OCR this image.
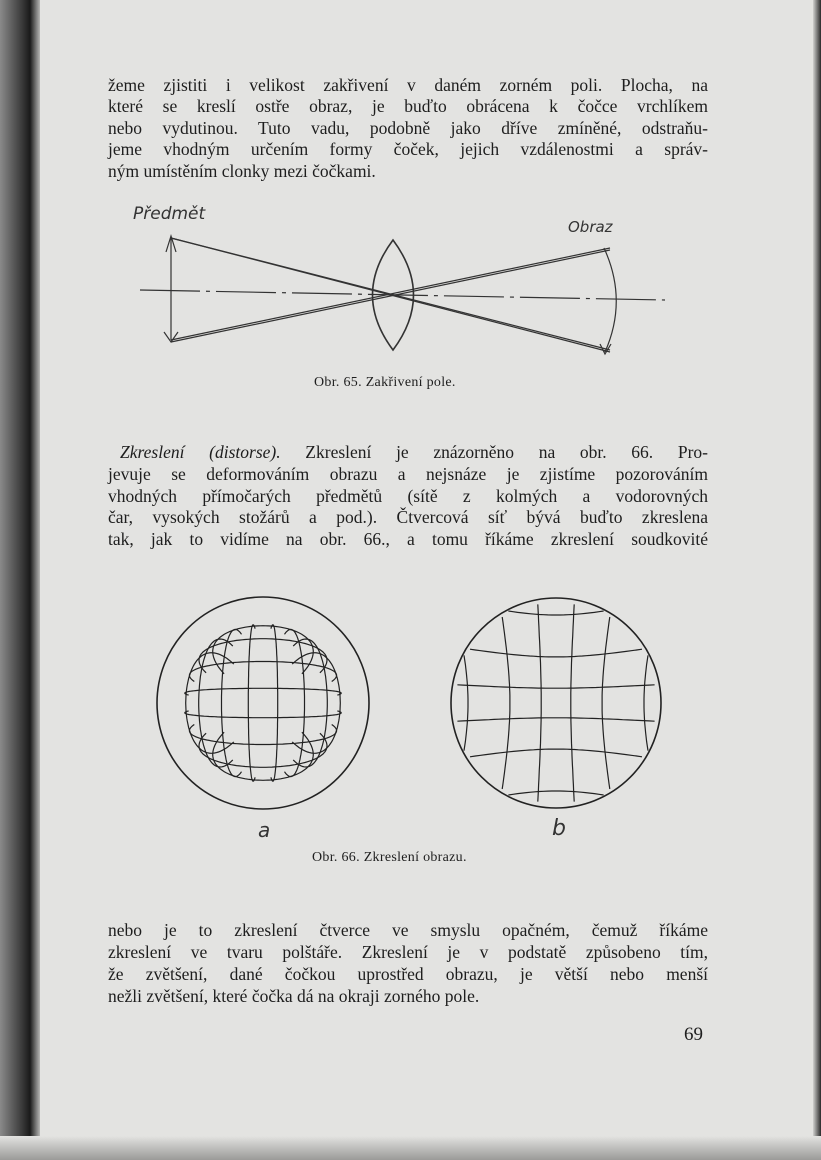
žeme zjistiti i velikost zakřivení v daném zorném poli. Plocha, na
které se kreslí ostře obraz, je buďto obrácena k čočce vrchlíkem
nebo vydutinou. Tuto vadu, podobně jako dříve zmíněné, odstraňu-
jeme vhodným určením formy čoček, jejich vzdálenostmi a správ-
ným umístěním clonky mezi čočkami.
Předmět
Obraz
Obr. 65. Zakřivení pole.
Zkreslení (distorse). Zkreslení je znázorněno na obr. 66. Pro-
jevuje se deformováním obrazu a nejsnáze je zjistíme pozorováním
vhodných přímočarých předmětů (sítě z kolmých a vodorovných
čar, vysokých stožárů a pod.). Čtvercová síť bývá buďto zkreslena
tak, jak to vidíme na obr. 66., a tomu říkáme zkreslení soudkovité
a	b
Obr. 66. Zkreslení obrazu.
nebo je to zkreslení čtverce ve smyslu opačném, čemuž říkáme
zkreslení ve tvaru polštáře. Zkreslení je v podstatě způsobeno tím,
že zvětšení, dané čočkou uprostřed obrazu, je větší nebo menší
nežli zvětšení, které čočka dá na okraji zorného pole.
69
